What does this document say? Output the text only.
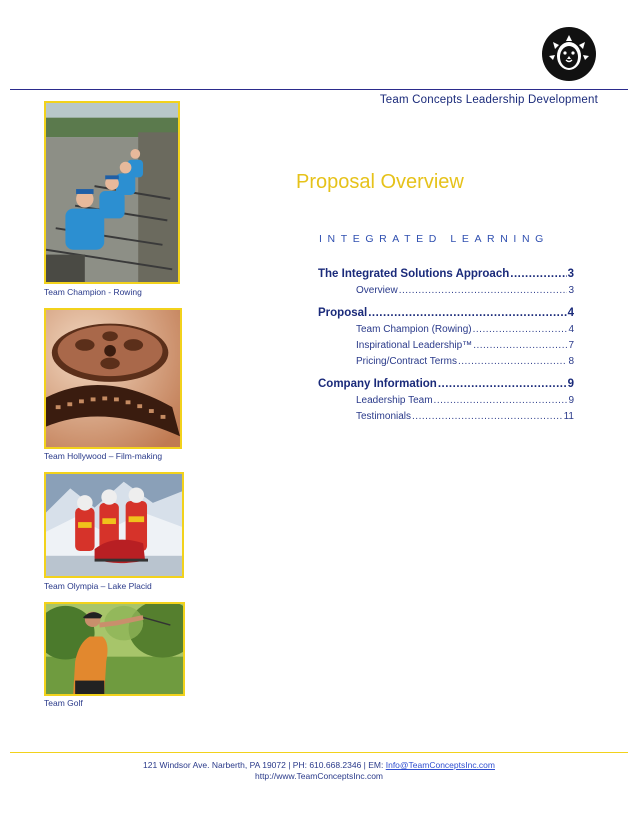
Team Concepts Leadership Development
Team Champion - Rowing
Team Hollywood – Film-making
Team Olympia – Lake Placid
Team Golf
Proposal Overview
INTEGRATED LEARNING
The Integrated Solutions Approach .....	3
Overview .....	3
Proposal .....	4
Team Champion (Rowing) .....	4
Inspirational Leadership™ .....	7
Pricing/Contract Terms .....	8
Company Information .....	9
Leadership Team .....	9
Testimonials .....	11
121 Windsor Ave. Narberth, PA 19072 | PH: 610.668.2346 | EM: Info@TeamConceptsInc.com
http://www.TeamConceptsInc.com
